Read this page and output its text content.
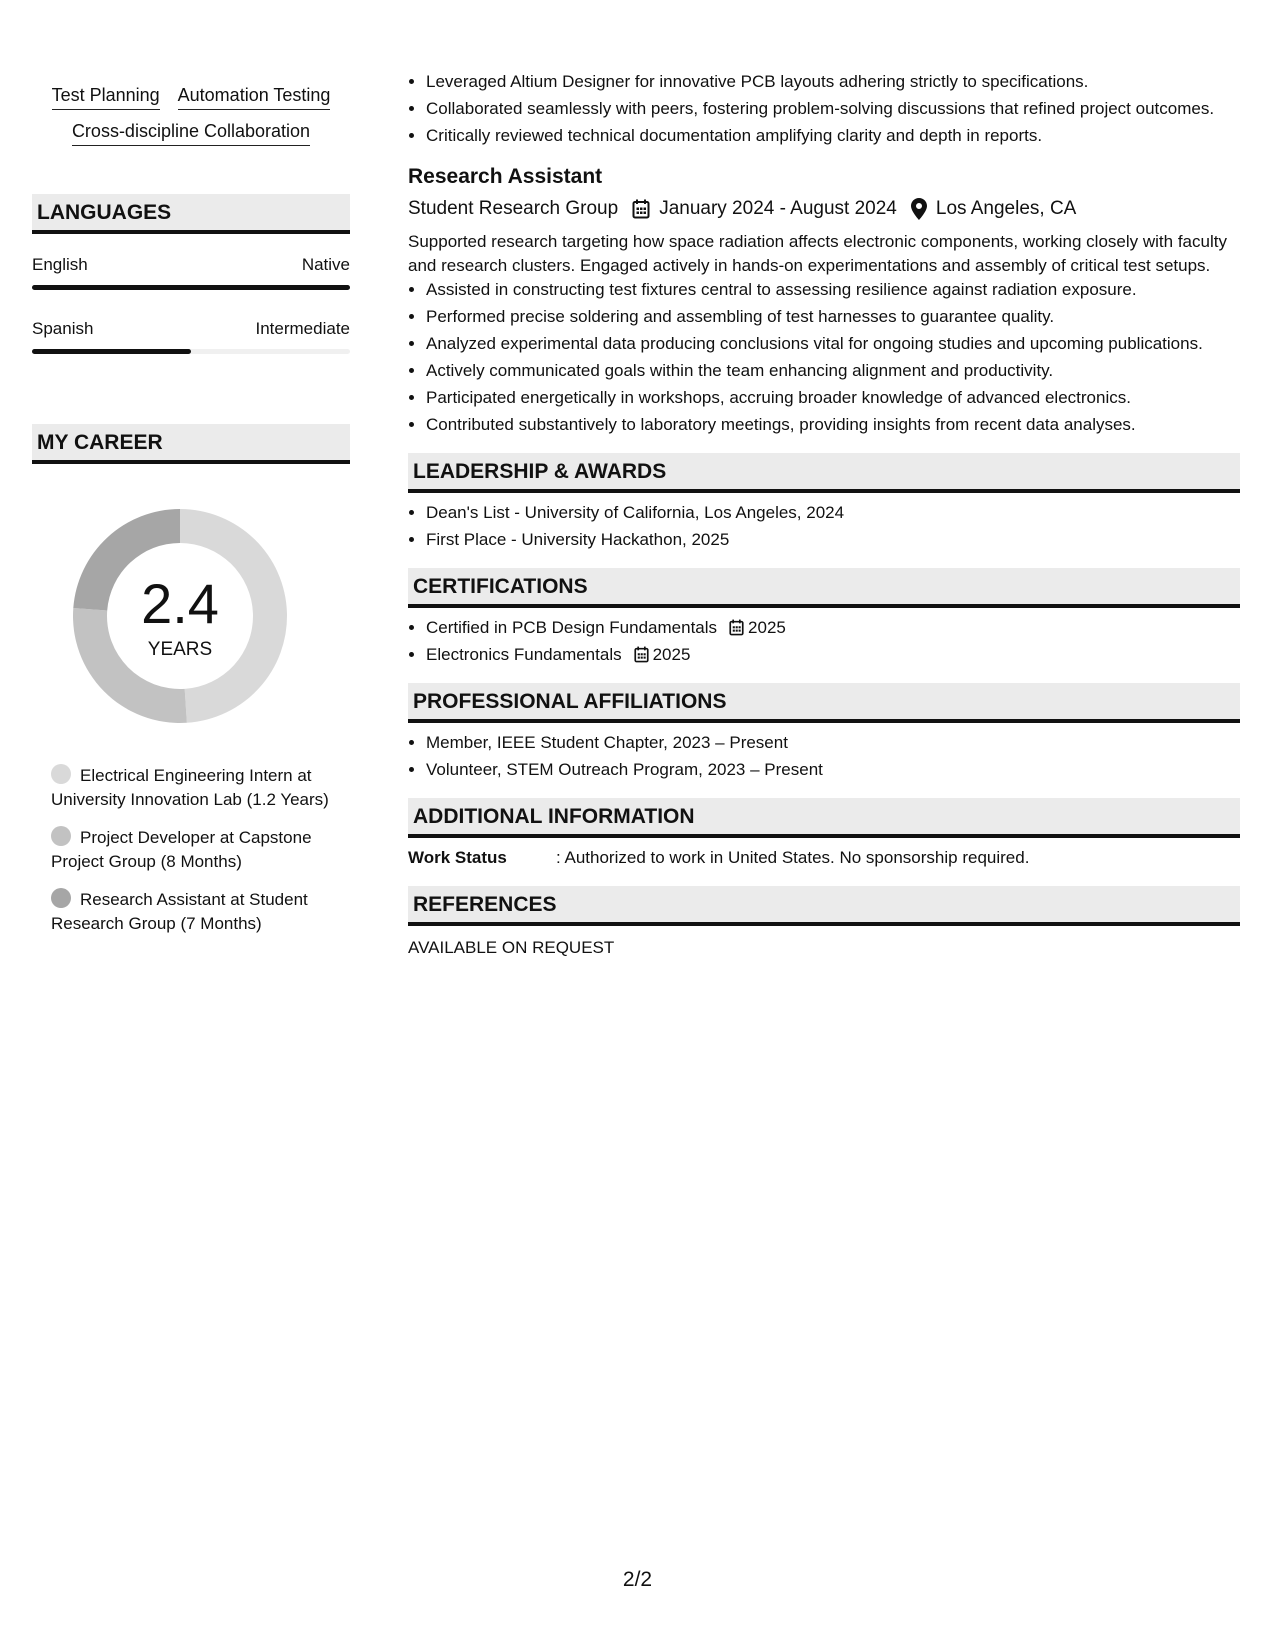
Test Planning Automation Testing
Cross-discipline Collaboration
LANGUAGES
English	Native
Spanish	Intermediate
MY CAREER
2.4
YEARS
Electrical Engineering Intern at University Innovation Lab (1.2 Years)
Project Developer at Capstone Project Group (8 Months)
Research Assistant at Student Research Group (7 Months)
• Leveraged Altium Designer for innovative PCB layouts adhering strictly to specifications.
• Collaborated seamlessly with peers, fostering problem-solving discussions that refined project outcomes.
• Critically reviewed technical documentation amplifying clarity and depth in reports.
Research Assistant
Student Research Group January 2024 - August 2024 Los Angeles, CA
Supported research targeting how space radiation affects electronic components, working closely with faculty and research clusters. Engaged actively in hands-on experimentations and assembly of critical test setups.
• Assisted in constructing test fixtures central to assessing resilience against radiation exposure.
• Performed precise soldering and assembling of test harnesses to guarantee quality.
• Analyzed experimental data producing conclusions vital for ongoing studies and upcoming publications.
• Actively communicated goals within the team enhancing alignment and productivity.
• Participated energetically in workshops, accruing broader knowledge of advanced electronics.
• Contributed substantively to laboratory meetings, providing insights from recent data analyses.
LEADERSHIP & AWARDS
• Dean's List - University of California, Los Angeles, 2024
• First Place - University Hackathon, 2025
CERTIFICATIONS
• Certified in PCB Design Fundamentals 2025
• Electronics Fundamentals 2025
PROFESSIONAL AFFILIATIONS
• Member, IEEE Student Chapter, 2023 – Present
• Volunteer, STEM Outreach Program, 2023 – Present
ADDITIONAL INFORMATION
Work Status	: Authorized to work in United States. No sponsorship required.
REFERENCES
AVAILABLE ON REQUEST
2/2
